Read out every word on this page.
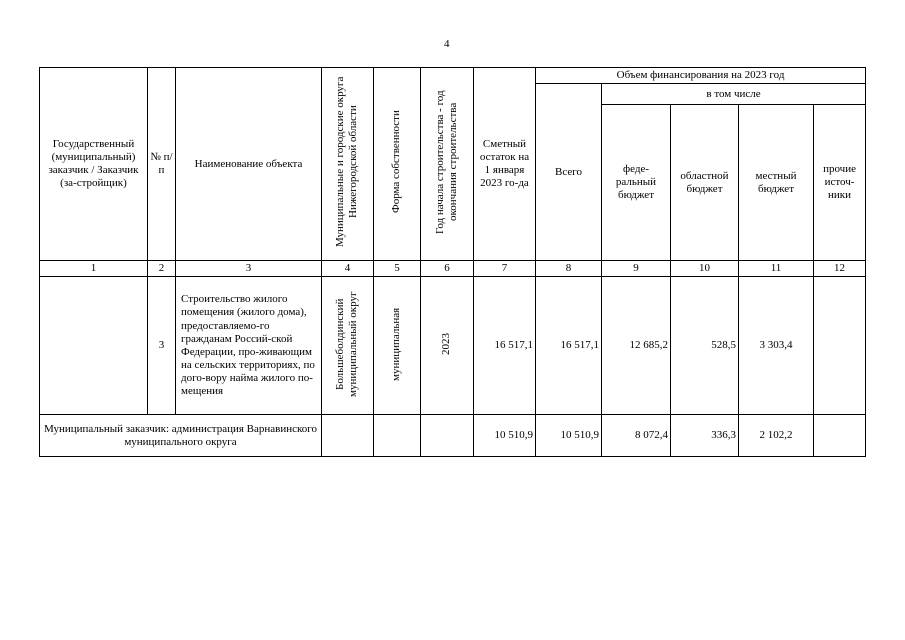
4
Государственный (муниципальный) заказчик / Заказчик (за-стройщик)	№ п/п	Наименование объекта	Муниципальные и городские округа Нижегородской области	Форма собственности	Год начала строительства - год окончания строительства	Сметный остаток на 1 января 2023 го-да	Объем финансирования на 2023 год				
							Всего	в том числе			
								феде-ральный бюджет	областной бюджет	местный бюджет	прочие источ-ники
1	2	3	4	5	6	7	8	9	10	11	12
	3	Строительство жилого помещения (жилого дома), предоставляемо-го гражданам Россий-ской Федерации, про-живающим на сельских территориях, по дого-вору найма жилого по-мещения	Большеболдинский муниципальный округ	муниципальная	2023	16 517,1	16 517,1	12 685,2	528,5	3 303,4	
Муниципальный заказчик: администрация Варнавинского муниципального округа						10 510,9	10 510,9	8 072,4	336,3	2 102,2	
